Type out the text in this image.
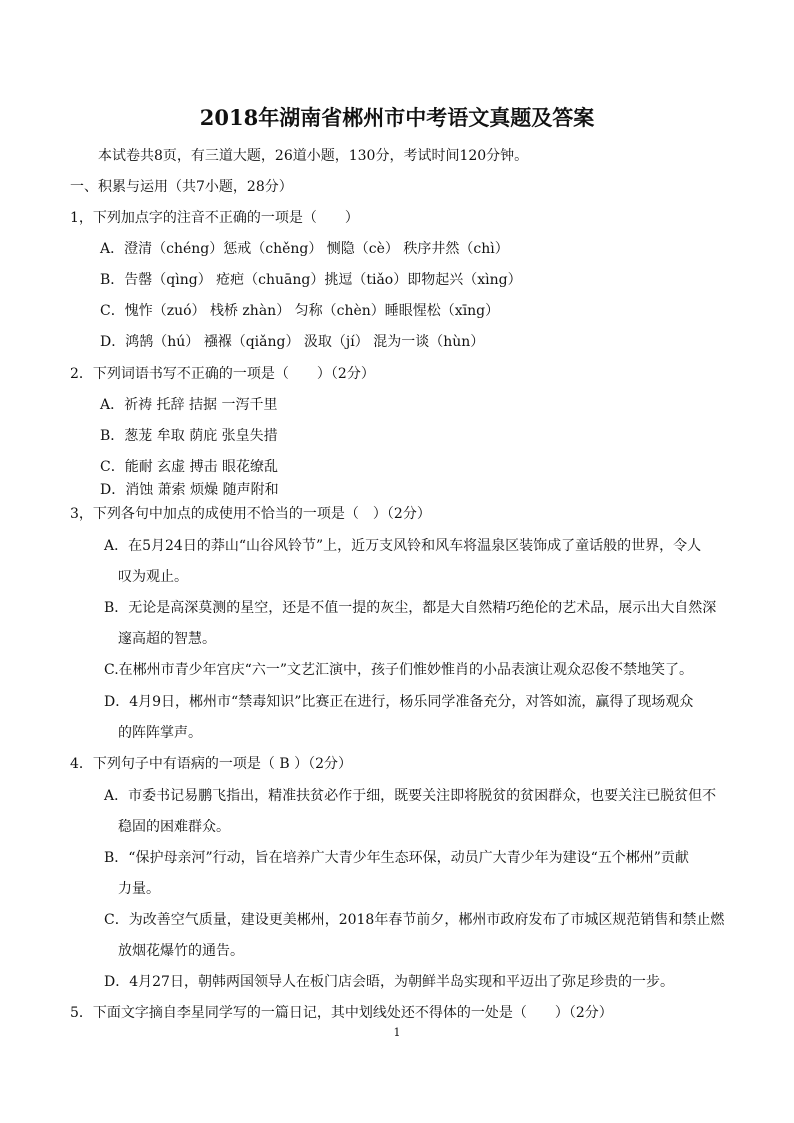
2018年湖南省郴州市中考语文真题及答案
本试卷共8页，有三道大题，26道小题，130分，考试时间120分钟。
一、积累与运用（共7小题，28分）
1，下列加点字的注音不正确的一项是（　　）
A．澄清（chéng）惩戒（chěng） 恻隐（cè） 秩序井然（chì）
B．告罄（qìng） 疮疤（chuāng）挑逗（tiǎo）即物起兴（xìng）
C．愧怍（zuó） 栈桥 zhàn） 匀称（chèn）睡眼惺松（xīng）
D．鸿鹄（hú） 襁褓（qiǎng） 汲取（jí） 混为一谈（hùn）
2．下列词语书写不正确的一项是（　　）（2分）
A．祈祷 托辞 拮据 一泻千里
B．葱茏 牟取 荫庇 张皇失措
C．能耐 玄虚 搏击 眼花缭乱
D．消蚀 萧索 烦燥 随声附和
3，下列各句中加点的成使用不恰当的一项是（　）（2分）
A．在5月24日的莽山“山谷风铃节”上，近万支风铃和风车将温泉区装饰成了童话般的世界，令人
叹为观止。
B．无论是高深莫测的星空，还是不值一提的灰尘，都是大自然精巧绝伦的艺术品，展示出大自然深
邃高超的智慧。
C.在郴州市青少年宫庆“六一”文艺汇演中，孩子们惟妙惟肖的小品表演让观众忍俊不禁地笑了。
D．4月9日，郴州市“禁毒知识”比赛正在进行，杨乐同学准备充分，对答如流，赢得了现场观众
的阵阵掌声。
4．下列句子中有语病的一项是（ B ）（2分）
A．市委书记易鹏飞指出，精准扶贫必作于细，既要关注即将脱贫的贫困群众，也要关注已脱贫但不
稳固的困难群众。
B．“保护母亲河”行动，旨在培养广大青少年生态环保，动员广大青少年为建设“五个郴州”贡献
力量。
C．为改善空气质量，建设更美郴州，2018年春节前夕，郴州市政府发布了市城区规范销售和禁止燃
放烟花爆竹的通告。
D．4月27日，朝韩两国领导人在板门店会晤，为朝鲜半岛实现和平迈出了弥足珍贵的一步。
5．下面文字摘自李星同学写的一篇日记，其中划线处还不得体的一处是（　　）（2分）
1
